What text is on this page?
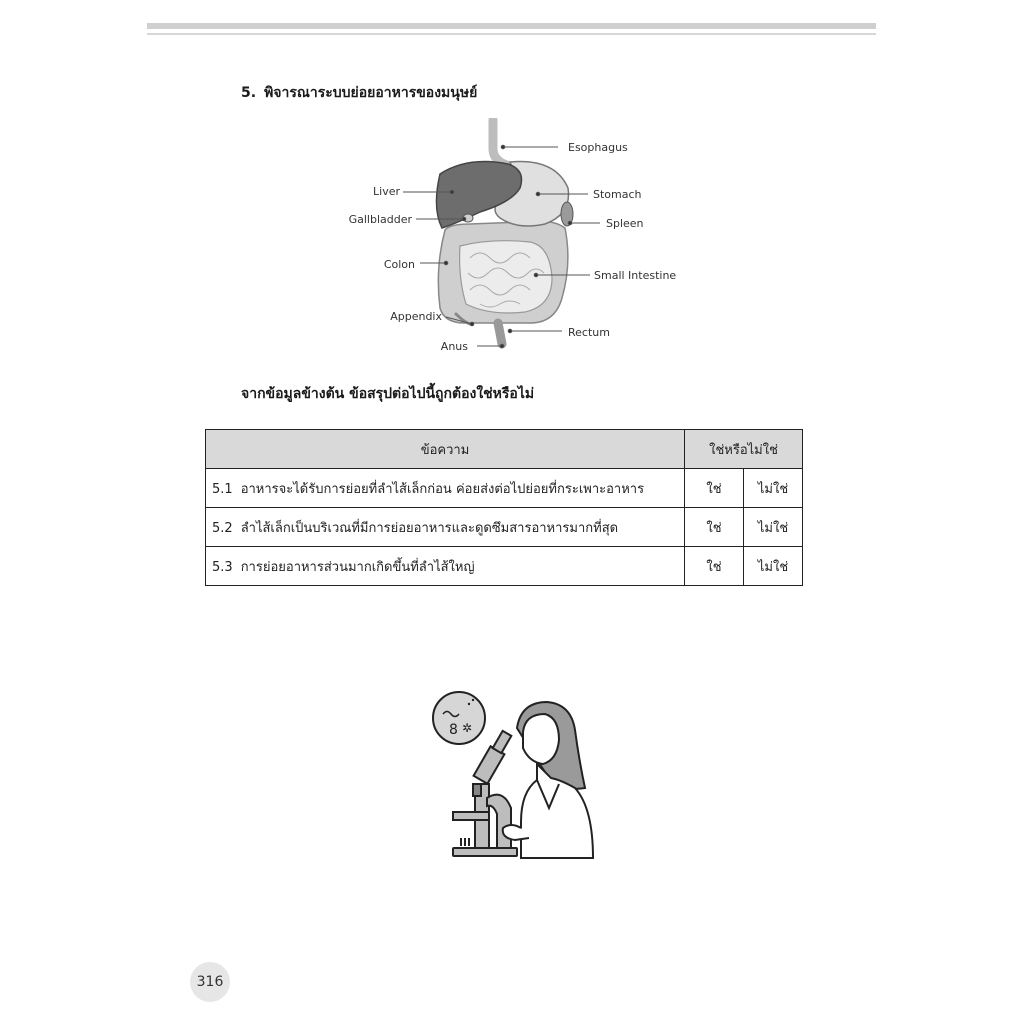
5. พิจารณาระบบย่อยอาหารของมนุษย์
Esophagus
Liver	Stomach
Gallbladder	Spleen
Colon
Small Intestine
Appendix
Rectum
Anus
จากข้อมูลข้างต้น ข้อสรุปต่อไปนี้ถูกต้องใช่หรือไม่
ข้อความ	ใช่หรือไม่ใช่	
5.1 อาหารจะได้รับการย่อยที่ลำไส้เล็กก่อน ค่อยส่งต่อไปย่อยที่กระเพาะอาหาร	ใช่	ไม่ใช่
5.2 ลำไส้เล็กเป็นบริเวณที่มีการย่อยอาหารและดูดซึมสารอาหารมากที่สุด	ใช่	ไม่ใช่
5.3 การย่อยอาหารส่วนมากเกิดขึ้นที่ลำไส้ใหญ่	ใช่	ไม่ใช่
8 ✲
316
